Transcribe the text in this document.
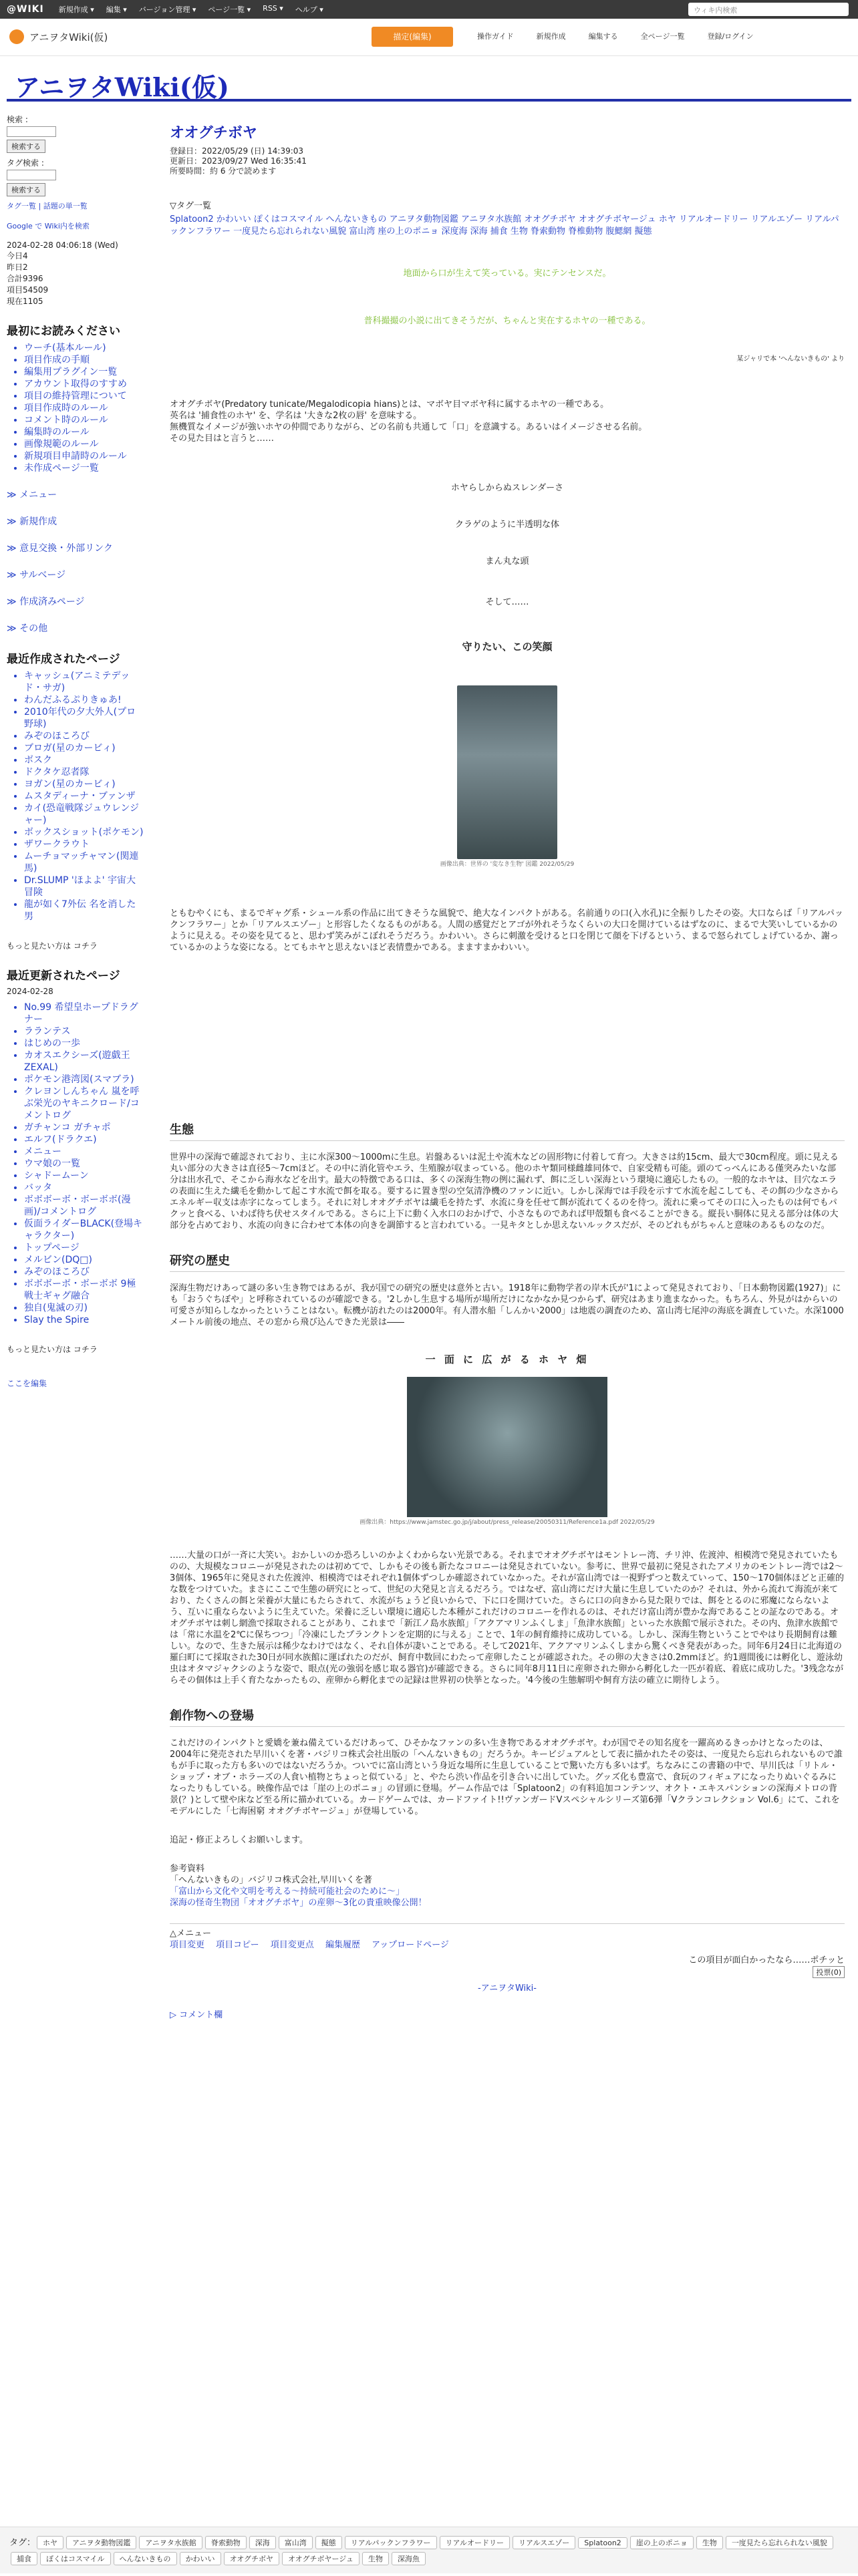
@WIKI 新規作成 ▾ 編集 ▾ バージョン管理 ▾ ページ一覧 ▾ RSS ▾ ヘルプ ▾	ウィキ内検索
アニヲタWiki(仮)	描定(編集)	操作ガイド	新規作成	編集する	全ページ一覧	登録/ログイン
アニヲタWiki(仮)
検索 :
検索する
タグ検索 :
検索する
タグ一覧 | 話題の単一覧
Google で Wiki内を検索
2024-02-28 04:06:18 (Wed)
今日4
昨日2
合計9396
項目54509
現在1105
最初にお読みください
• ウーチ(基本ルール)
• 項目作成の手順
• 編集用プラグイン一覧
• アカウント取得のすすめ
• 項目の維持管理について
• 項目作成時のルール
• コメント時のルール
• 編集時のルール
• 画像規範のルール
• 新規項目申請時のルール
• 未作成ページ一覧
≫ メニュー
≫ 新規作成
≫ 意見交換・外部リンク
≫ サルベージ
≫ 作成済みページ
≫ その他
最近作成されたページ
• キャッシュ(アニミテデッド・サガ)
• わんだふるぷりきゅあ!
• 2010年代の夕大外人(プロ野球)
• みぞのほころび
• ブロガ(星のカービィ)
• ボスク
• ドクタケ忍者隊
• ヨガン(星のカービィ)
• ムスタディーナ・ブァンザ
• カイ(恐竜戦隊ジュウレンジャー)
• ボックスショット(ポケモン)
• ザワークラウト
• ムーチョマッチャマン(関連馬)
• Dr.SLUMP 'ほよよ' 宇宙大冒険
• 龍が如く7外伝 名を消した男
もっと見たい方は コチラ
最近更新されたページ
2024-02-28
• No.99 希望皇ホープドラグナー
• ラランテス
• はじめの一歩
• カオスエクシーズ(遊戯王ZEXAL)
• ポケモン港湾図(スマブラ)
• クレヨンしんちゃん 嵐を呼ぶ栄光のヤキニクロード/コメントログ
• ガチャンコ ガチャポ
• エルフ(ドラクエ)
• メニュー
• ウマ娘の一覧
• シャドームーン
• バッタ
• ボボボーボ・ボーボボ(漫画)/コメントログ
• 仮面ライダーBLACK(登場キャラクター)
• トップページ
• メルビン(DQ□)
• みぞのほころび
• ボボボーボ・ボーボボ 9極戦士ギャグ融合
• 独自(鬼滅の刃)
• Slay the Spire
もっと見たい方は コチラ
ここを編集
オオグチボヤ
登録日：2022/05/29 (日) 14:39:03
更新日：2023/09/27 Wed 16:35:41
所要時間：約 6 分で読めます
▽タグ一覧
Splatoon2 かわいい ぽくはコスマイル へんないきもの アニヲタ動物図鑑 アニヲタ水族館 オオグチボヤ オオグチボヤージュ ホヤ リアルオードリー リアルエゾー リアルパックンフラワー 一度見たら忘れられない風貌 富山湾 座の上のポニョ 深度海 深海 捕食 生物 脊索動物 脊椎動物 腹鰓網 擬態
地面から口が生えて笑っている。実にテンセンスだ。
普科撮撮の小説に出てきそうだが、ちゃんと実在するホヤの一種である。
某ジャリで本 'へんないきもの' より
オオグチボヤ(Predatory tunicate/Megalodicopia hians)とは、マボヤ目マボヤ科に属するホヤの一種である。
英名は '捕食性のホヤ' を、学名は '大きな2枚の唇' を意味する。
無機質なイメージが強いホヤの仲間でありながら、どの名前も共通して「口」を意識する。あるいはイメージさせる名前。
その見た目はと言うと……
ホヤらしからぬスレンダーさ
クラゲのように半透明な体
まん丸な頭
そして……
守りたい、この笑顔
画像出典：世界の '変なき生物' 図鑑 2022/05/29
ともむやくにも、まるでギャグ系・シュール系の作品に出てきそうな風貌で、絶大なインパクトがある。名前通りの口(入水孔)に全振りしたその姿。大口ならば「リアルパックンフラワー」とか「リアルスエゾー」と形容したくなるものがある。人間の感覚だとアゴが外れそうなくらいの大口を開けているはずなのに、まるで大笑いしているかのように見える。その姿を見てると、思わず笑みがこぼれそうだろう。かわいい。さらに刺激を受けると口を閉じて顔を下げるという、まるで怒られてしょげているか、謝っているかのような姿になる。とてもホヤと思えないほど表情豊かである。まますまかわいい。
生態
世界中の深海で確認されており、主に水深300〜1000mに生息。岩盤あるいは泥土や流木などの固形物に付着して育つ。大きさは約15cm、最大で30cm程度。頭に見える丸い部分の大きさは直径5〜7cmほど。その中に消化管やエラ、生殖腺が収まっている。他のホヤ類同様雌雄同体で、自家受精も可能。頭のてっぺんにある僅突みたいな部分は出水孔で、そこから海水などを出す。最大の特徴である口は、多くの深海生物の例に漏れず、餌に乏しい深海という環境に適応したもの。一般的なホヤは、目穴なエラの表面に生えた繊毛を動かして起こす水流で餌を取る。要するに置き型の空気清浄機のファンに近い。しかし深海では手段を示すて水流を起こしても、その餌の少なさからエネルギー収支は赤字になってしまう。それに対しオオグチボヤは繊毛を持たず、水流に身を任せて餌が流れてくるのを待つ。流れに乗ってその口に入ったものは何でもパクッと食べる、いわば待ち伏せスタイルである。さらに上下に動く入水口のおかげで、小さなものであれば甲殻類も食べることができる。縦長い胴体に見える部分は体の大部分を占めており、水流の向きに合わせて本体の向きを調節すると言われている。一見キタとしか思えないルックスだが、そのどれもがちゃんと意味のあるものなのだ。
研究の歴史
深海生物だけあって謎の多い生き物ではあるが、我が国での研究の歴史は意外と古い。1918年に動物学者の岸木氏が'1によって発見されており、「日本動物図鑑(1927)」にも「おうぐちぼや」と呼称されているのが確認できる。'2しかし生息する場所が場所だけになかなか見つからず、研究はあまり進まなかった。もちろん、外見がはからいの可愛さが知らしなかったということはない。転機が訪れたのは2000年。有人潜水船「しんかい2000」は地震の調査のため、富山湾七尾沖の海底を調査していた。水深1000メートル前後の地点、その窓から飛び込んできた光景は――
一 面 に 広 が る ホ ヤ 畑
画像出典：https://www.jamstec.go.jp/j/about/press_release/20050311/Reference1a.pdf 2022/05/29
……大量の口が一斉に大笑い。おかしいのか恐ろしいのかよくわからない光景である。それまでオオグチボヤはモントレー湾、チリ沖、佐渡沖、相模湾で発見されていたものの、大規模なコロニーが発見されたのは初めてで、しかもその後も新たなコロニーは発見されていない。参考に、世界で最初に発見されたアメリカのモントレー湾では2〜3個体、1965年に発見された佐渡沖、相模湾ではそれぞれ1個体ずつしか確認されていなかった。それが富山湾では一視野ずつと数えていって、150〜170個体ほどと正確的な数をつけていた。まさにここで生態の研究にとって、世紀の大発見と言えるだろう。ではなぜ、富山湾にだけ大量に生息していたのか？それは、外から流れて海流が来ており、たくさんの餌と栄養が大量にもたらされて、水流がちょうど良いからで、下に口を開けていた。さらに口の向きから見た限りでは、餌をとるのに邪魔にならないよう、互いに重ならないように生えていた。栄養に乏しい環境に適応した本種がこれだけのコロニーを作れるのは、それだけ富山湾が豊かな海であることの証なのである。オオグチボヤは刺し網漁で採取されることがあり、これまで「新江ノ島水族館」「アクアマリンふくしま」「魚津水族館」といった水族館で展示された。その内、魚津水族館では「常に水温を2℃に保ちつつ」「冷凍にしたプランクトンを定期的に与える」ことで、1年の飼育維持に成功している。しかし、深海生物ということでやはり長期飼育は難しい。なので、生きた展示は稀少なわけではなく、それ自体が凄いことである。そして2021年、アクアマリンふくしまから驚くべき発表があった。同年6月24日に北海道の羅臼町にて採取された30日が同水族館に運ばれたのだが、飼育中数回にわたって産卵したことが確認された。その卵の大きさは0.2mmほど。約1週間後には孵化し、遊泳幼虫はオタマジャクシのような姿で、眼点(光の強弱を感じ取る器官)が確認できる。さらに同年8月11日に産卵された卵から孵化した一匹が着底、着底に成功した。'3残念ながらその個体は上手く育たなかったもの、産卵から孵化までの記録は世界初の快挙となった。'4今後の生態解明や飼育方法の確立に期待しよう。
創作物への登場
これだけのインパクトと愛嬌を兼ね備えているだけあって、ひそかなファンの多い生き物であるオオグチボヤ。わが国でその知名度を一躍高めるきっかけとなったのは、2004年に発売された早川いくを著・バジリコ株式会社出版の「へんないきもの」だろうか。キービジュアルとして表に描かれたその姿は、一度見たら忘れられないもので誰もが手に取った方も多いのではないだろうか。ついでに富山湾という身近な場所に生息していることで驚いた方も多いはず。ちなみにこの書籍の中で、早川氏は「リトル・ショップ・オブ・ホラーズの人食い植物とちょっと似ている」と、やたら渋い作品を引き合いに出していた。グッズ化も豊富で、食玩のフィギュアになったりぬいぐるみになったりもしている。映像作品では「崖の上のポニョ」の冒頭に登場。ゲーム作品では「Splatoon2」の有料追加コンテンツ、オクト・エキスパンションの深海メトロの背景(？)として壁や床など至る所に描かれている。カードゲームでは、カードファイト!!ヴァンガードVスペシャルシリーズ第6弾「Vクランコレクション Vol.6」にて、これをモデルにした「七海困窮 オオグチボヤージュ」が登場している。
追記・修正よろしくお願いします。
参考資料
「へんないきもの」バジリコ株式会社,早川いくを著
「富山から文化や文明を考える〜持続可能社会のために〜」
深海の怪奇生物団「オオグチボヤ」の産卵〜3化の貴重映像公開！
△メニュー
項目変更　 項目コピー　 項目変更点　 編集履歴　 アップロードページ
この項目が面白かったなら……ポチッと
投票(0)
-アニヲタWiki-
▷ コメント欄
タグ： ホヤ アニヲタ動物図鑑 アニヲタ水族館 脊索動物 深海 富山湾 擬態 リアルパックンフラワー リアルオードリー リアルスエゾー Splatoon2 崖の上のポニョ 生物 一度見たら忘れられない風貌捕食 ぼくはコスマイル へんないきもの かわいい オオグチボヤ オオグチボヤージュ 生物 深海魚
